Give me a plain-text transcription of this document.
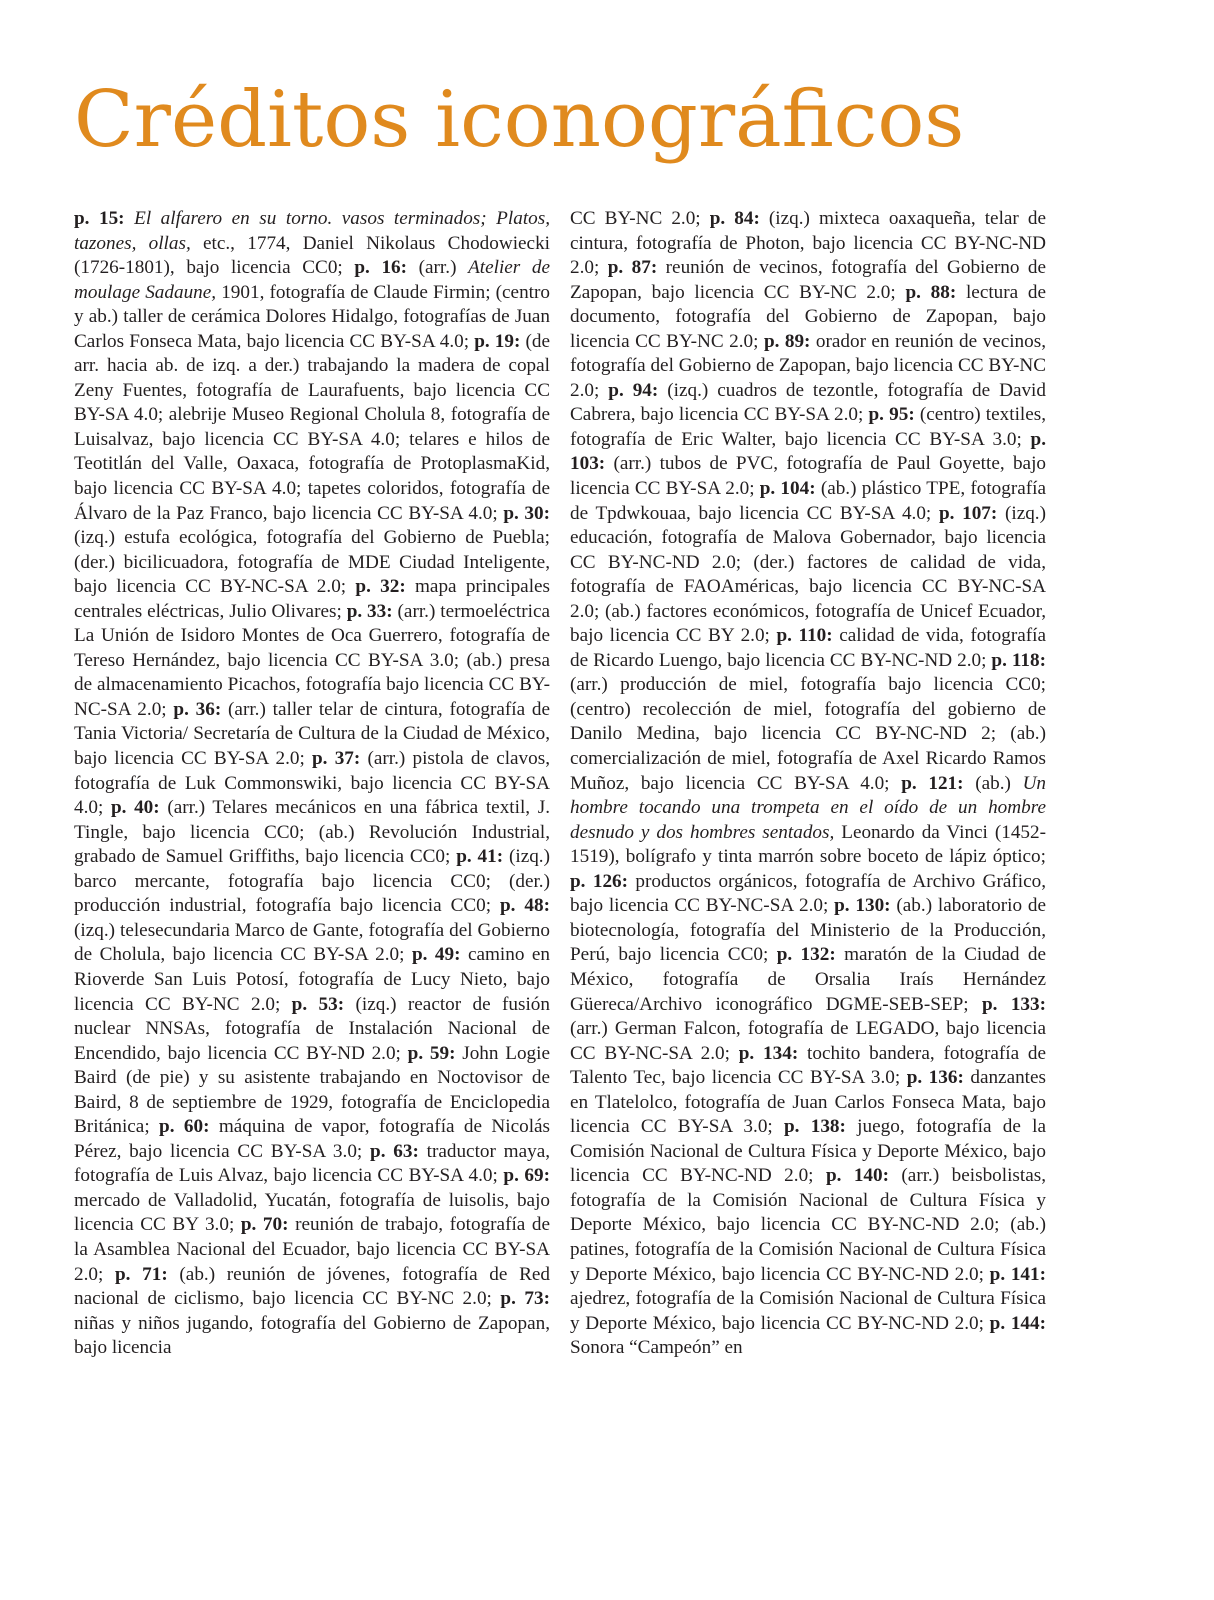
Créditos iconográficos
p. 15: El alfarero en su torno. vasos terminados; Platos, tazones, ollas, etc., 1774, Daniel Nikolaus Chodowiecki (1726-1801), bajo licencia CC0; p. 16: (arr.) Atelier de moulage Sadaune, 1901, fotografía de Claude Firmin; (centro y ab.) taller de cerámica Dolores Hidalgo, fotografías de Juan Carlos Fonseca Mata, bajo licencia CC BY-SA 4.0; p. 19: (de arr. hacia ab. de izq. a der.) trabajando la madera de copal Zeny Fuentes, fotografía de Laurafuents, bajo licencia CC BY-SA 4.0; alebrije Museo Regional Cholula 8, fotografía de Luisalvaz, bajo licencia CC BY-SA 4.0; telares e hilos de Teotitlán del Valle, Oaxaca, fotografía de ProtoplasmaKid, bajo licencia CC BY-SA 4.0; tapetes coloridos, fotografía de Álvaro de la Paz Franco, bajo licencia CC BY-SA 4.0; p. 30: (izq.) estufa ecológica, fotografía del Gobierno de Puebla; (der.) bicilicuadora, fotografía de MDE Ciudad Inteligente, bajo licencia CC BY-NC-SA 2.0; p. 32: mapa principales centrales eléctricas, Julio Olivares; p. 33: (arr.) termoeléctrica La Unión de Isidoro Montes de Oca Guerrero, fotografía de Tereso Hernández, bajo licencia CC BY-SA 3.0; (ab.) presa de almacenamiento Picachos, fotografía bajo licencia CC BY-NC-SA 2.0; p. 36: (arr.) taller telar de cintura, fotografía de Tania Victoria/ Secretaría de Cultura de la Ciudad de México, bajo licencia CC BY-SA 2.0; p. 37: (arr.) pistola de clavos, fotografía de Luk Commonswiki, bajo licencia CC BY-SA 4.0; p. 40: (arr.) Telares mecánicos en una fábrica textil, J. Tingle, bajo licencia CC0; (ab.) Revolución Industrial, grabado de Samuel Griffiths, bajo licencia CC0; p. 41: (izq.) barco mercante, fotografía bajo licencia CC0; (der.) producción industrial, fotografía bajo licencia CC0; p. 48: (izq.) telesecundaria Marco de Gante, fotografía del Gobierno de Cholula, bajo licencia CC BY-SA 2.0; p. 49: camino en Rioverde San Luis Potosí, fotografía de Lucy Nieto, bajo licencia CC BY-NC 2.0; p. 53: (izq.) reactor de fusión nuclear NNSAs, fotografía de Instalación Nacional de Encendido, bajo licencia CC BY-ND 2.0; p. 59: John Logie Baird (de pie) y su asistente trabajando en Noctovisor de Baird, 8 de septiembre de 1929, fotografía de Enciclopedia Británica; p. 60: máquina de vapor, fotografía de Nicolás Pérez, bajo licencia CC BY-SA 3.0; p. 63: traductor maya, fotografía de Luis Alvaz, bajo licencia CC BY-SA 4.0; p. 69: mercado de Valladolid, Yucatán, fotografía de luisolis, bajo licencia CC BY 3.0; p. 70: reunión de trabajo, fotografía de la Asamblea Nacional del Ecuador, bajo licencia CC BY-SA 2.0; p. 71: (ab.) reunión de jóvenes, fotografía de Red nacional de ciclismo, bajo licencia CC BY-NC 2.0; p. 73: niñas y niños jugando, fotografía del Gobierno de Zapopan, bajo licencia
CC BY-NC 2.0; p. 84: (izq.) mixteca oaxaqueña, telar de cintura, fotografía de Photon, bajo licencia CC BY-NC-ND 2.0; p. 87: reunión de vecinos, fotografía del Gobierno de Zapopan, bajo licencia CC BY-NC 2.0; p. 88: lectura de documento, fotografía del Gobierno de Zapopan, bajo licencia CC BY-NC 2.0; p. 89: orador en reunión de vecinos, fotografía del Gobierno de Zapopan, bajo licencia CC BY-NC 2.0; p. 94: (izq.) cuadros de tezontle, fotografía de David Cabrera, bajo licencia CC BY-SA 2.0; p. 95: (centro) textiles, fotografía de Eric Walter, bajo licencia CC BY-SA 3.0; p. 103: (arr.) tubos de PVC, fotografía de Paul Goyette, bajo licencia CC BY-SA 2.0; p. 104: (ab.) plástico TPE, fotografía de Tpdwkouaa, bajo licencia CC BY-SA 4.0; p. 107: (izq.) educación, fotografía de Malova Gobernador, bajo licencia CC BY-NC-ND 2.0; (der.) factores de calidad de vida, fotografía de FAOAméricas, bajo licencia CC BY-NC-SA 2.0; (ab.) factores económicos, fotografía de Unicef Ecuador, bajo licencia CC BY 2.0; p. 110: calidad de vida, fotografía de Ricardo Luengo, bajo licencia CC BY-NC-ND 2.0; p. 118: (arr.) producción de miel, fotografía bajo licencia CC0; (centro) recolección de miel, fotografía del gobierno de Danilo Medina, bajo licencia CC BY-NC-ND 2; (ab.) comercialización de miel, fotografía de Axel Ricardo Ramos Muñoz, bajo licencia CC BY-SA 4.0; p. 121: (ab.) Un hombre tocando una trompeta en el oído de un hombre desnudo y dos hombres sentados, Leonardo da Vinci (1452-1519), bolígrafo y tinta marrón sobre boceto de lápiz óptico; p. 126: productos orgánicos, fotografía de Archivo Gráfico, bajo licencia CC BY-NC-SA 2.0; p. 130: (ab.) laboratorio de biotecnología, fotografía del Ministerio de la Producción, Perú, bajo licencia CC0; p. 132: maratón de la Ciudad de México, fotografía de Orsalia Iraís Hernández Güereca/Archivo iconográfico DGME-SEB-SEP; p. 133: (arr.) German Falcon, fotografía de LEGADO, bajo licencia CC BY-NC-SA 2.0; p. 134: tochito bandera, fotografía de Talento Tec, bajo licencia CC BY-SA 3.0; p. 136: danzantes en Tlatelolco, fotografía de Juan Carlos Fonseca Mata, bajo licencia CC BY-SA 3.0; p. 138: juego, fotografía de la Comisión Nacional de Cultura Física y Deporte México, bajo licencia CC BY-NC-ND 2.0; p. 140: (arr.) beisbolistas, fotografía de la Comisión Nacional de Cultura Física y Deporte México, bajo licencia CC BY-NC-ND 2.0; (ab.) patines, fotografía de la Comisión Nacional de Cultura Física y Deporte México, bajo licencia CC BY-NC-ND 2.0; p. 141: ajedrez, fotografía de la Comisión Nacional de Cultura Física y Deporte México, bajo licencia CC BY-NC-ND 2.0; p. 144: Sonora “Campeón” en
